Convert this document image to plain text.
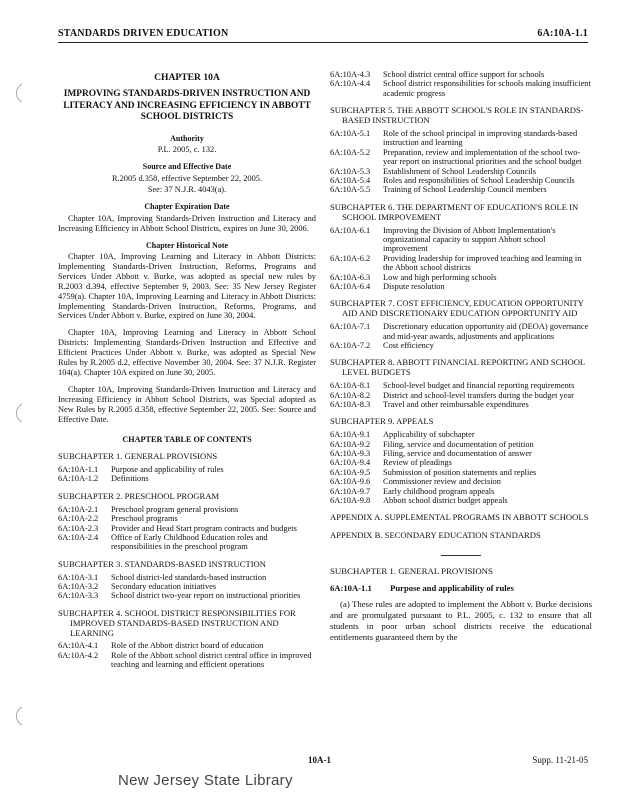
STANDARDS DRIVEN EDUCATION	6A:10A-1.1
CHAPTER 10A
IMPROVING STANDARDS-DRIVEN INSTRUCTION AND LITERACY AND INCREASING EFFICIENCY IN ABBOTT SCHOOL DISTRICTS
Authority
P.L. 2005, c. 132.
Source and Effective Date
R.2005 d.358, effective September 22, 2005.
See: 37 N.J.R. 4043(a).
Chapter Expiration Date

Chapter 10A, Improving Standards-Driven Instruction and Literacy and Increasing Efficiency in Abbott School Districts, expires on June 30, 2006.

Chapter Historical Note

Chapter 10A, Improving Learning and Literacy in Abbott Districts: Implementing Standards-Driven Instruction, Reforms, Programs and Services Under Abbott v. Burke, was adopted as special new rules by R.2003 d.394, effective September 9, 2003. See: 35 New Jersey Register 4759(a). Chapter 10A, Improving Learning and Literacy in Abbott Districts: Implementing Standards-Driven Instruction, Reforms, Programs, and Services Under Abbott v. Burke, expired on June 30, 2004.

Chapter 10A, Improving Learning and Literacy in Abbott School Districts: Implementing Standards-Driven Instruction and Effective and Efficient Practices Under Abbott v. Burke, was adopted as Special New Rules by R.2005 d.2, effective November 30, 2004. See: 37 N.J.R. Register 104(a). Chapter 10A expired on June 30, 2005.

Chapter 10A, Improving Standards-Driven Instruction and Literacy and Increasing Efficiency in Abbott School Districts, was Special adopted as New Rules by R.2005 d.358, effective September 22, 2005. See: Source and Effective Date.

CHAPTER TABLE OF CONTENTS
SUBCHAPTER 1. GENERAL PROVISIONS
6A:10A-1.1	Purpose and applicability of rules
6A:10A-1.2	Definitions
SUBCHAPTER 2. PRESCHOOL PROGRAM
6A:10A-2.1	Preschool program general provisions
6A:10A-2.2	Preschool programs
6A:10A-2.3	Provider and Head Start program contracts and budgets
6A:10A-2.4	Office of Early Childhood Education roles and responsibilities in the preschool program
SUBCHAPTER 3. STANDARDS-BASED INSTRUCTION
6A:10A-3.1	School district-led standards-based instruction
6A:10A-3.2	Secondary education initiatives
6A:10A-3.3	School district two-year report on instructional priorities
SUBCHAPTER 4. SCHOOL DISTRICT RESPONSIBILITIES FOR IMPROVED STANDARDS-BASED INSTRUCTION AND LEARNING
6A:10A-4.1	Role of the Abbott district board of education
6A:10A-4.2	Role of the Abbott school district central office in improved teaching and learning and efficient operations
6A:10A-4.3	School district central office support for schools
6A:10A-4.4	School district responsibilities for schools making insufficient academic progress
SUBCHAPTER 5. THE ABBOTT SCHOOL'S ROLE IN STANDARDS-BASED INSTRUCTION
6A:10A-5.1	Role of the school principal in improving standards-based instruction and learning
6A:10A-5.2	Preparation, review and implementation of the school two-year report on instructional priorities and the school budget
6A:10A-5.3	Establishment of School Leadership Councils
6A:10A-5.4	Roles and responsibilities of School Leadership Councils
6A:10A-5.5	Training of School Leadership Council members
SUBCHAPTER 6. THE DEPARTMENT OF EDUCATION'S ROLE IN SCHOOL IMRPOVEMENT
6A:10A-6.1	Improving the Division of Abbott Implementation's organizational capacity to support Abbott school improvement
6A:10A-6.2	Providing leadership for improved teaching and learning in the Abbott school districts
6A:10A-6.3	Low and high performing schools
6A:10A-6.4	Dispute resolution
SUBCHAPTER 7. COST EFFICIENCY, EDUCATION OPPORTUNITY AID AND DISCRETIONARY EDUCATION OPPORTUNITY AID
6A:10A-7.1	Discretionary education opportunity aid (DEOA) governance and mid-year awards, adjustments and applications
6A:10A-7.2	Cost efficiency
SUBCHAPTER 8. ABBOTT FINANCIAL REPORTING AND SCHOOL LEVEL BUDGETS
6A:10A-8.1	School-level budget and financial reporting requirements
6A:10A-8.2	District and school-level transfers during the budget year
6A:10A-8.3	Travel and other reimbursable expenditures
SUBCHAPTER 9. APPEALS
6A:10A-9.1	Applicability of subchapter
6A:10A-9.2	Filing, service and documentation of petition
6A:10A-9.3	Filing, service and documentation of answer
6A:10A-9.4	Review of pleadings
6A:10A-9.5	Submission of position statements and replies
6A:10A-9.6	Commissioner review and decision
6A:10A-9.7	Early childhood program appeals
6A:10A-9.8	Abbott school district budget appeals
APPENDIX A. SUPPLEMENTAL PROGRAMS IN ABBOTT SCHOOLS
APPENDIX B. SECONDARY EDUCATION STANDARDS
SUBCHAPTER 1. GENERAL PROVISIONS
6A:10A-1.1 Purpose and applicability of rules

(a) These rules are adopted to implement the Abbott v. Burke decisions and are promulgated pursuant to P.L. 2005, c. 132 to ensure that all students in poor urban school districts receive the educational entitlements guaranteed them by the

10A-1	Supp. 11-21-05
New Jersey State Library
